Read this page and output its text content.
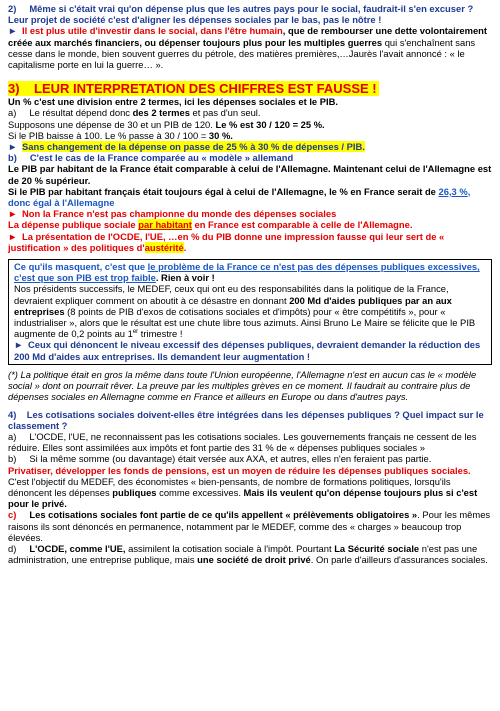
2) Même si c'était vrai qu'on dépense plus que les autres pays pour le social, faudrait-il s'en excuser ? Leur projet de société c'est d'aligner les dépenses sociales par le bas, pas le nôtre !

► Il est plus utile d'investir dans le social, dans l'être humain, que de rembourser une dette volontairement créée aux marchés financiers, ou dépenser toujours plus pour les multiples guerres qui s'enchaînent sans cesse dans le monde, bien souvent guerres du pétrole, des matières premières,…Jaurès l'avait annoncé : « le capitalisme porte en lui la guerre… ».

3) LEUR INTERPRETATION DES CHIFFRES EST FAUSSE !

Un % c'est une division entre 2 termes, ici les dépenses sociales et le PIB.

a) Le résultat dépend donc des 2 termes et pas d'un seul.

Supposons une dépense de 30 et un PIB de 120. Le % est 30 / 120 = 25 %.

Si le PIB baisse à 100. Le % passe à 30 / 100 = 30 %.

► Sans changement de la dépense on passe de 25 % à 30 % de dépenses / PIB.

b) C'est le cas de la France comparée au « modèle » allemand

Le PIB par habitant de la France était comparable à celui de l'Allemagne. Maintenant celui de l'Allemagne est de 20 % supérieur.

Si le PIB par habitant français était toujours égal à celui de l'Allemagne, le % en France serait de 26,3 %, donc égal à l'Allemagne

► Non la France n'est pas championne du monde des dépenses sociales

La dépense publique sociale par habitant en France est comparable à celle de l'Allemagne.

► La présentation de l'OCDE, l'UE, …en % du PIB donne une impression fausse qui leur sert de « justification » des politiques d'austérité.

Ce qu'ils masquent, c'est que le problème de la France ce n'est pas des dépenses publiques excessives, c'est que son PIB est trop faible. Rien à voir !

Nos présidents successifs, le MEDEF, ceux qui ont eu des responsabilités dans la politique de la France, devraient expliquer comment on aboutit à ce désastre en donnant 200 Md d'aides publiques par an aux entreprises (8 points de PIB d'exos de cotisations sociales et d'impôts) pour « être compétitifs », pour « industrialiser », alors que le résultat est une chute libre tous azimuts. Ainsi Bruno Le Maire se félicite que le PIB augmente de 0,2 points au 1er trimestre !

► Ceux qui dénoncent le niveau excessif des dépenses publiques, devraient demander la réduction des 200 Md d'aides aux entreprises. Ils demandent leur augmentation !

(*) La politique était en gros la même dans toute l'Union européenne, l'Allemagne n'est en aucun cas le « modèle social » dont on pourrait rêver. La preuve par les multiples grèves en ce moment. Il faudrait au contraire plus de dépenses sociales en Allemagne comme en France et ailleurs en Europe ou dans d'autres pays.

4) Les cotisations sociales doivent-elles être intégrées dans les dépenses publiques ? Quel impact sur le classement ?

a) L'OCDE, l'UE, ne reconnaissent pas les cotisations sociales. Les gouvernements français ne cessent de les réduire. Elles sont assimilées aux impôts et font partie des 31 % de « dépenses publiques sociales »

b) Si la même somme (ou davantage) était versée aux AXA, et autres, elles n'en feraient pas partie.

Privatiser, développer les fonds de pensions, est un moyen de réduire les dépenses publiques sociales.

C'est l'objectif du MEDEF, des économistes « bien-pensants, de nombre de formations politiques, lorsqu'ils dénoncent les dépenses publiques comme excessives. Mais ils veulent qu'on dépense toujours plus si c'est pour le privé.

c) Les cotisations sociales font partie de ce qu'ils appellent « prélèvements obligatoires ». Pour les mêmes raisons ils sont dénoncés en permanence, notamment par le MEDEF, comme des « charges » beaucoup trop élevées.

d) L'OCDE, comme l'UE, assimilent la cotisation sociale à l'impôt. Pourtant La Sécurité sociale n'est pas une administration, une entreprise publique, mais une société de droit privé. On parle d'ailleurs d'assurances sociales.
